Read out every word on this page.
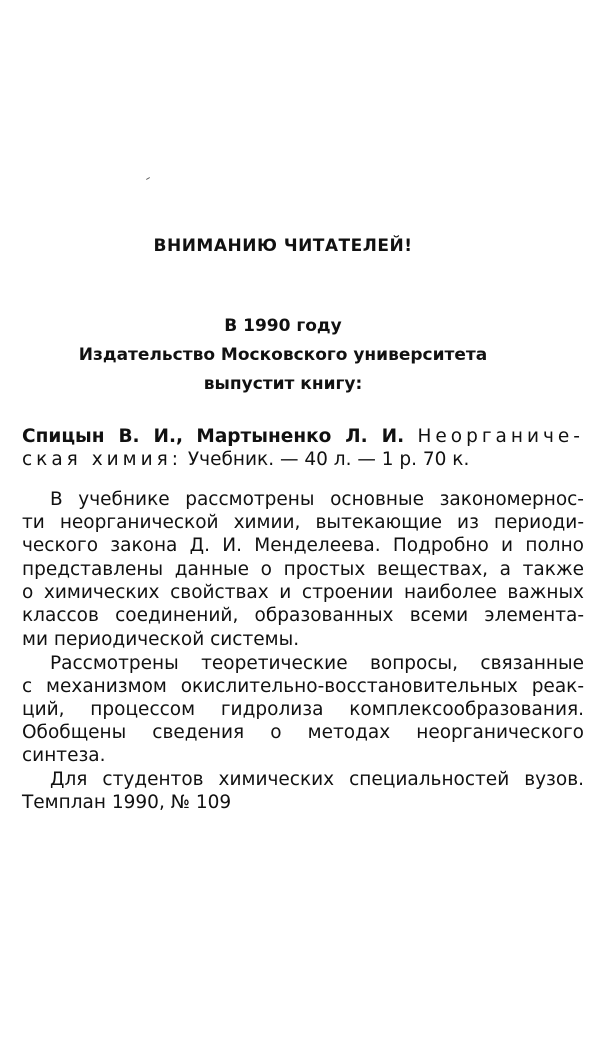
ВНИМАНИЮ ЧИТАТЕЛЕЙ!
В 1990 году
Издательство Московского университета
выпустит книгу:
Спицын В. И., Мартыненко Л. И. Неорганиче-
ская химия: Учебник. — 40 л. — 1 р. 70 к.
В учебнике рассмотрены основные закономернос-
ти неорганической химии, вытекающие из периоди-
ческого закона Д. И. Менделеева. Подробно и полно
представлены данные о простых веществах, а также
о химических свойствах и строении наиболее важных
классов соединений, образованных всеми элемента-
ми периодической системы.
Рассмотрены теоретические вопросы, связанные
с механизмом окислительно-восстановительных реак-
ций, процессом гидролиза комплексообразования.
Обобщены сведения о методах неорганического
синтеза.
Для студентов химических специальностей вузов.
Темплан 1990, № 109
